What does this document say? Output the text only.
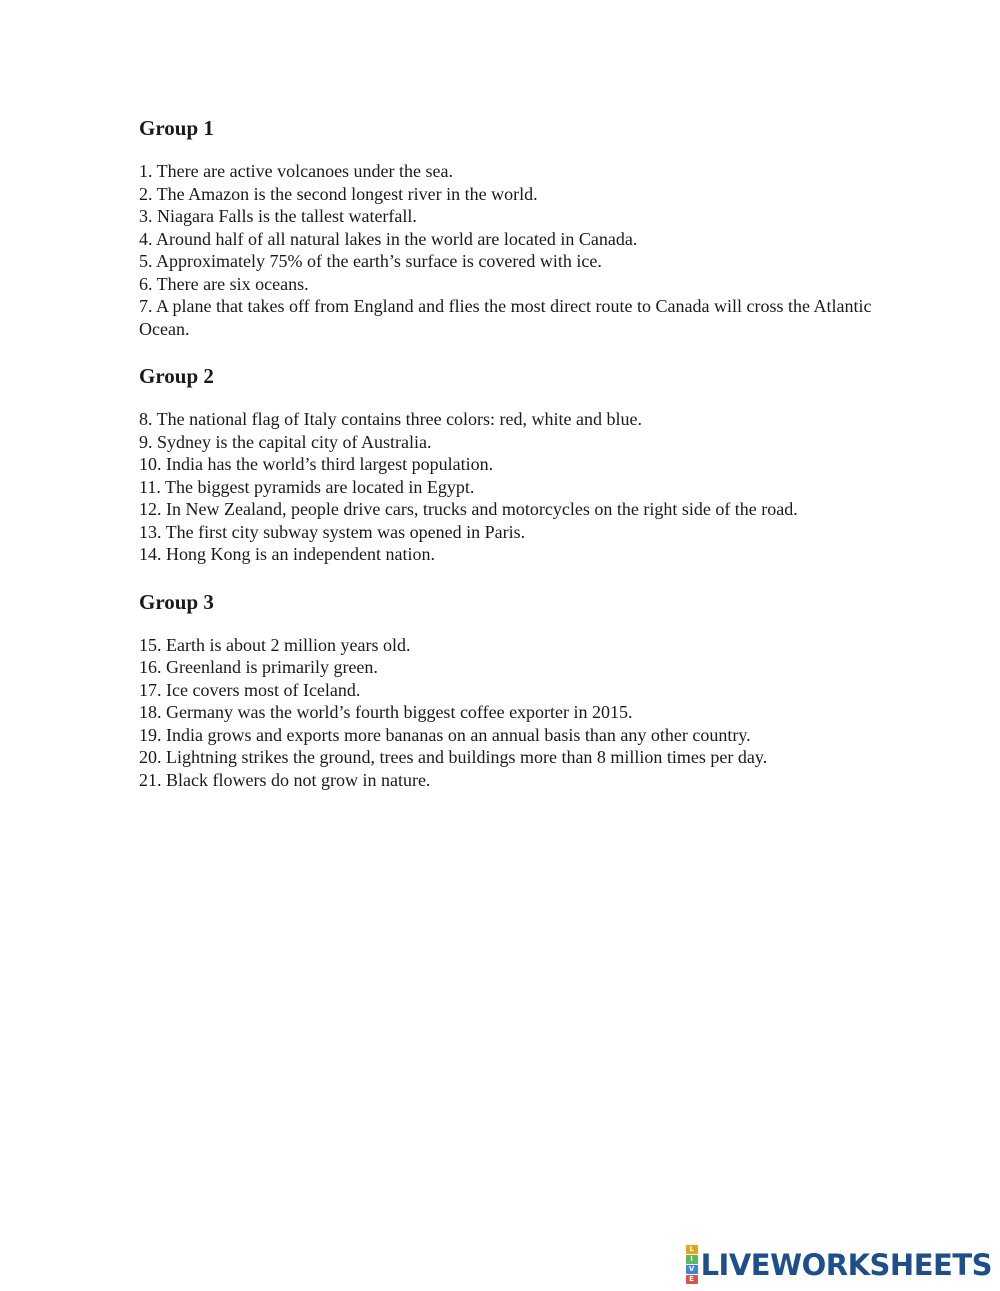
Group 1
1. There are active volcanoes under the sea.
2. The Amazon is the second longest river in the world.
3. Niagara Falls is the tallest waterfall.
4. Around half of all natural lakes in the world are located in Canada.
5. Approximately 75% of the earth’s surface is covered with ice.
6. There are six oceans.
7. A plane that takes off from England and flies the most direct route to Canada will cross the Atlantic Ocean.
Group 2
8. The national flag of Italy contains three colors: red, white and blue.
9. Sydney is the capital city of Australia.
10. India has the world’s third largest population.
11. The biggest pyramids are located in Egypt.
12. In New Zealand, people drive cars, trucks and motorcycles on the right side of the road.
13. The first city subway system was opened in Paris.
14. Hong Kong is an independent nation.
Group 3
15. Earth is about 2 million years old.
16. Greenland is primarily green.
17. Ice covers most of Iceland.
18. Germany was the world’s fourth biggest coffee exporter in 2015.
19. India grows and exports more bananas on an annual basis than any other country.
20. Lightning strikes the ground, trees and buildings more than 8 million times per day.
21. Black flowers do not grow in nature.
L
I
V
E LIVEWORKSHEETS
